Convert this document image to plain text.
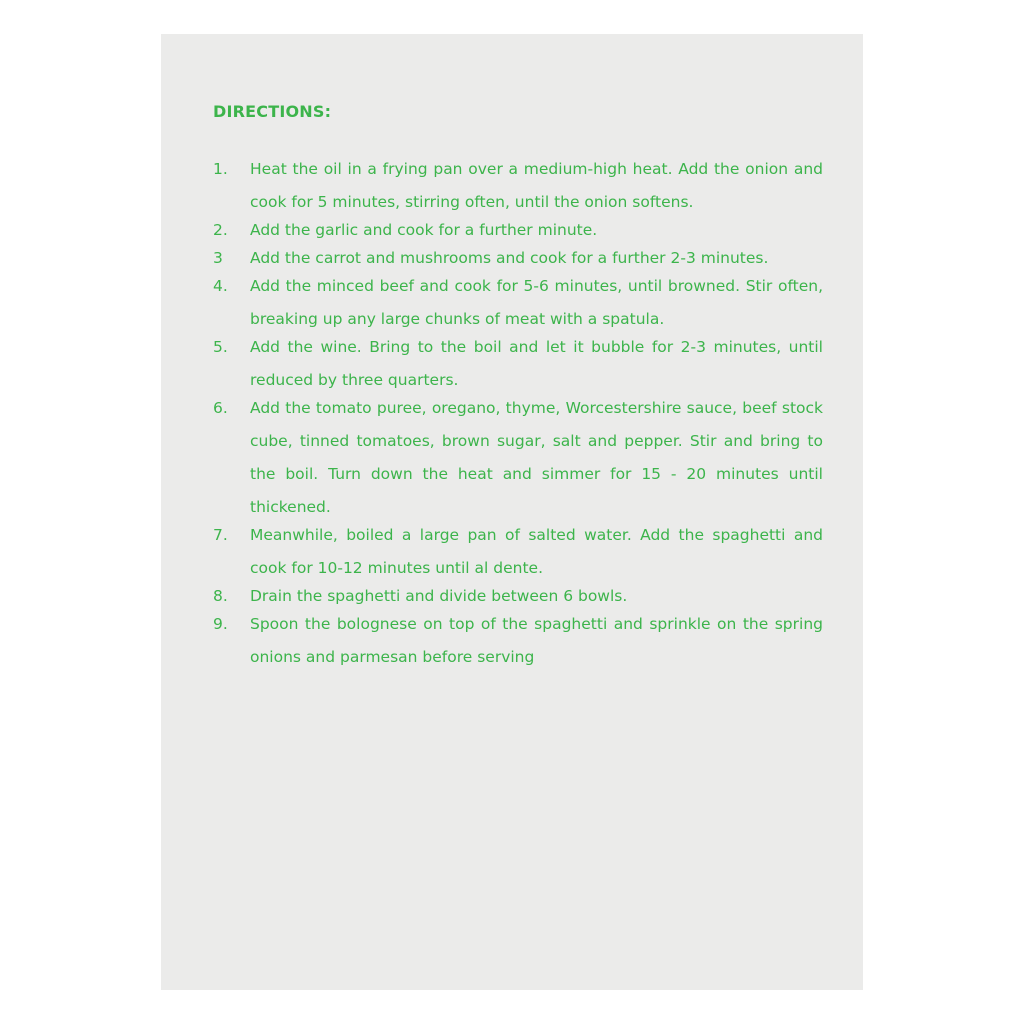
DIRECTIONS:
1.	Heat the oil in a frying pan over a medium-high heat. Add the onion and cook for 5 minutes, stirring often, until the onion softens.
2.	Add the garlic and cook for a further minute.
3	Add the carrot and mushrooms and cook for a further 2-3 minutes.
4.	Add the minced beef and cook for 5-6 minutes, until browned. Stir often, breaking up any large chunks of meat with a spatula.
5.	Add the wine. Bring to the boil and let it bubble for 2-3 minutes, until reduced by three quarters.
6.	Add the tomato puree, oregano, thyme, Worcestershire sauce, beef stock cube, tinned tomatoes, brown sugar, salt and pepper. Stir and bring to the boil. Turn down the heat and simmer for 15 - 20 minutes until thickened.
7.	Meanwhile, boiled a large pan of salted water. Add the spaghetti and cook for 10-12 minutes until al dente.
8.	Drain the spaghetti and divide between 6 bowls.
9.	Spoon the bolognese on top of the spaghetti and sprinkle on the spring onions and parmesan before serving
